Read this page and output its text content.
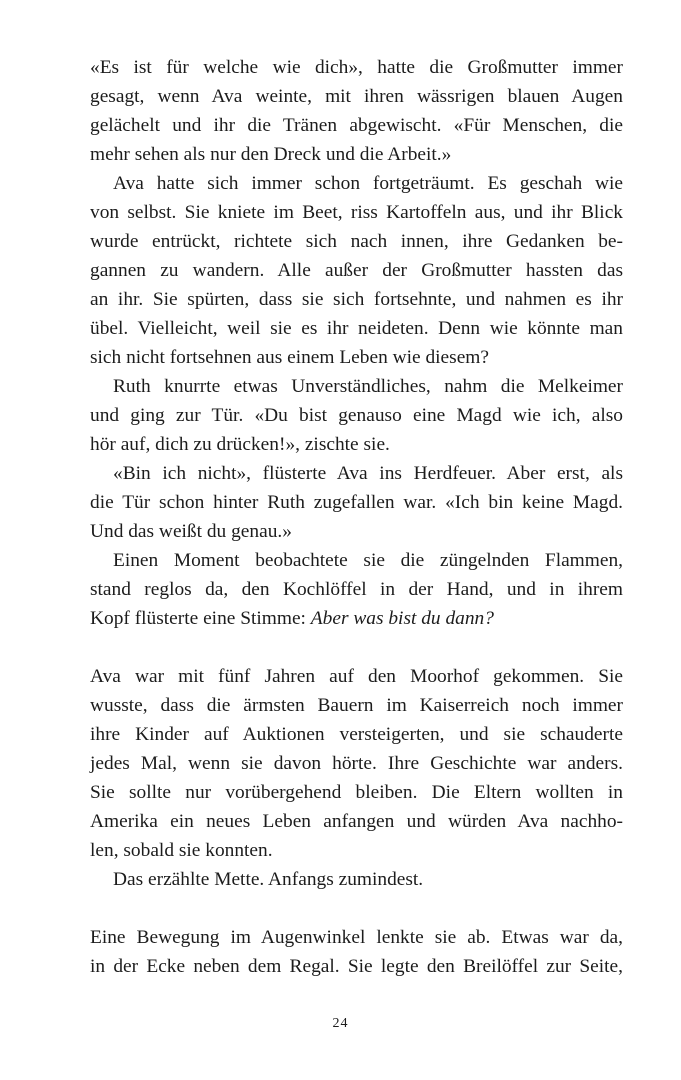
«Es ist für welche wie dich», hatte die Großmutter immer
gesagt, wenn Ava weinte, mit ihren wässrigen blauen Augen
gelächelt und ihr die Tränen abgewischt. «Für Menschen, die
mehr sehen als nur den Dreck und die Arbeit.»
Ava hatte sich immer schon fortgeträumt. Es geschah wie
von selbst. Sie kniete im Beet, riss Kartoffeln aus, und ihr Blick
wurde entrückt, richtete sich nach innen, ihre Gedanken be-
gannen zu wandern. Alle außer der Großmutter hassten das
an ihr. Sie spürten, dass sie sich fortsehnte, und nahmen es ihr
übel. Vielleicht, weil sie es ihr neideten. Denn wie könnte man
sich nicht fortsehnen aus einem Leben wie diesem?
Ruth knurrte etwas Unverständliches, nahm die Melkeimer
und ging zur Tür. «Du bist genauso eine Magd wie ich, also
hör auf, dich zu drücken!», zischte sie.
«Bin ich nicht», flüsterte Ava ins Herdfeuer. Aber erst, als
die Tür schon hinter Ruth zugefallen war. «Ich bin keine Magd.
Und das weißt du genau.»
Einen Moment beobachtete sie die züngelnden Flammen,
stand reglos da, den Kochlöffel in der Hand, und in ihrem
Kopf flüsterte eine Stimme: Aber was bist du dann?
Ava war mit fünf Jahren auf den Moorhof gekommen. Sie
wusste, dass die ärmsten Bauern im Kaiserreich noch immer
ihre Kinder auf Auktionen versteigerten, und sie schauderte
jedes Mal, wenn sie davon hörte. Ihre Geschichte war anders.
Sie sollte nur vorübergehend bleiben. Die Eltern wollten in
Amerika ein neues Leben anfangen und würden Ava nachho-
len, sobald sie konnten.
Das erzählte Mette. Anfangs zumindest.
Eine Bewegung im Augenwinkel lenkte sie ab. Etwas war da,
in der Ecke neben dem Regal. Sie legte den Breilöffel zur Seite,
24
